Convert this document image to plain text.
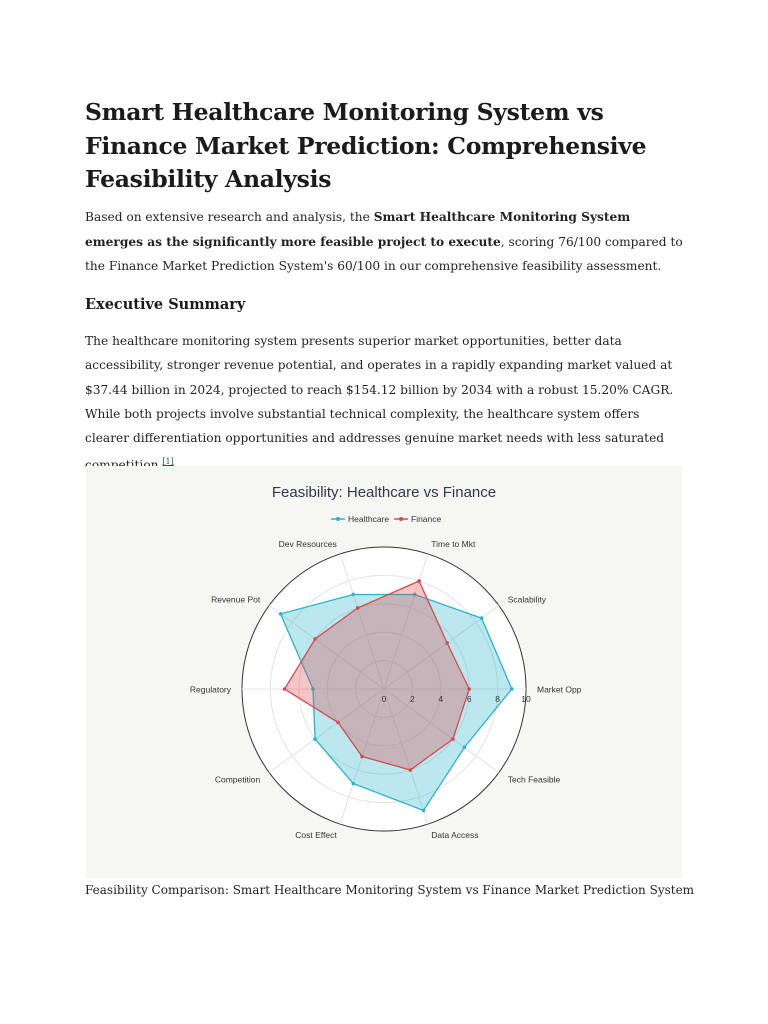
Smart Healthcare Monitoring System vs Finance Market Prediction: Comprehensive Feasibility Analysis

Based on extensive research and analysis, the Smart Healthcare Monitoring System emerges as the significantly more feasible project to execute, scoring 76/100 compared to the Finance Market Prediction System's 60/100 in our comprehensive feasibility assessment.

Executive Summary

The healthcare monitoring system presents superior market opportunities, better data accessibility, stronger revenue potential, and operates in a rapidly expanding market valued at $37.44 billion in 2024, projected to reach $154.12 billion by 2034 with a robust 15.20% CAGR. While both projects involve substantial technical complexity, the healthcare system offers clearer differentiation opportunities and addresses genuine market needs with less saturated [1]

Feasibility: Healthcare vs Finance
Healthcare	Finance
Market Opp
Scalability
Time to Mkt
Dev Resources
Revenue Pot
Regulatory
Competition
Cost Effect	Data Access
Tech Feasible
0	2	4	6	8	10

Feasibility Comparison: Smart Healthcare Monitoring System vs Finance Market Prediction System
